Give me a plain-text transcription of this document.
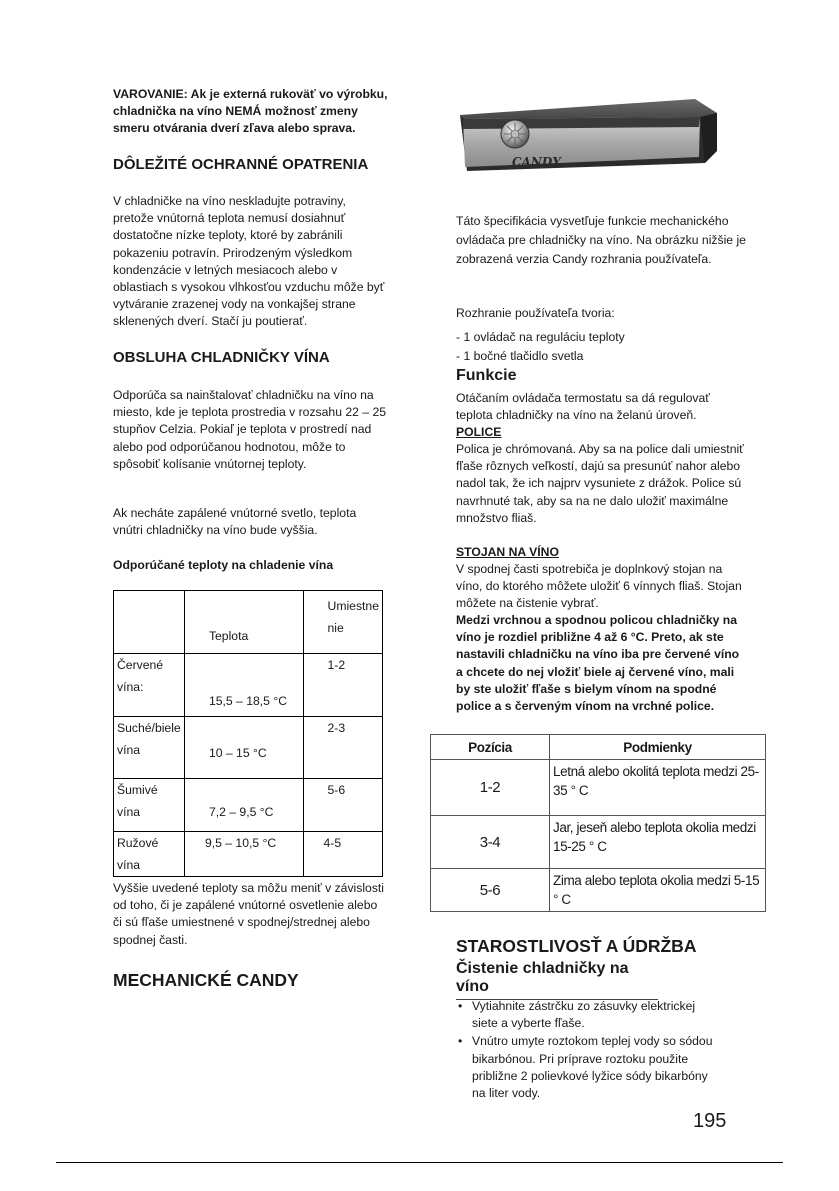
VAROVANIE: Ak je externá rukoväť vo výrobku, chladnička na víno NEMÁ možnosť zmeny smeru otvárania dverí zľava alebo sprava.

DÔLEŽITÉ OCHRANNÉ OPATRENIA

V chladničke na víno neskladujte potraviny, pretože vnútorná teplota nemusí dosiahnuť dostatočne nízke teploty, ktoré by zabránili pokazeniu potravín. Prirodzeným výsledkom kondenzácie v letných mesiacoch alebo v oblastiach s vysokou vlhkosťou vzduchu môže byť vytváranie zrazenej vody na vonkajšej strane sklenených dverí. Stačí ju poutierať.

OBSLUHA CHLADNIČKY VÍNA

Odporúča sa nainštalovať chladničku na víno na miesto, kde je teplota prostredia v rozsahu 22 – 25 stupňov Celzia. Pokiaľ je teplota v prostredí nad alebo pod odporúčanou hodnotou, môže to spôsobiť kolísanie vnútornej teploty.

Ak necháte zapálené vnútorné svetlo, teplota vnútri chladničky na víno bude vyššia.

Odporúčané teploty na chladenie vína

	Teplota	Umiestne
nie

Červené
vína:	15,5 – 18,5 °C	1-2

Suché/biele
vína	10 – 15 °C	2-3
Šumivé vína	7,2 – 9,5 °C	5-6
Ružové vína	9,5 – 10,5 °C	4-5

Vyššie uvedené teploty sa môžu meniť v závislosti od toho, či je zapálené vnútorné osvetlenie alebo či sú fľaše umiestnené v spodnej/strednej alebo spodnej časti.

MECHANICKÉ CANDY

CANDY

Táto špecifikácia vysvetľuje funkcie mechanického ovládača pre chladničky na víno. Na obrázku nižšie je zobrazená verzia Candy rozhrania používateľa.

Rozhranie používateľa tvoria:

- 1 ovládač na reguláciu teploty

- 1 bočné tlačidlo svetla

Funkcie

Otáčaním ovládača termostatu sa dá regulovať teplota chladničky na víno na želanú úroveň.

POLICE

Polica je chrómovaná. Aby sa na police dali umiestniť fľaše rôznych veľkostí, dajú sa presunúť nahor alebo nadol tak, že ich najprv vysuniete z drážok. Police sú navrhnuté tak, aby sa na ne dalo uložiť maximálne množstvo fliaš.

STOJAN NA VÍNO

V spodnej časti spotrebiča je doplnkový stojan na víno, do ktorého môžete uložiť 6 vínnych fliaš. Stojan môžete na čistenie vybrať.

Medzi vrchnou a spodnou policou chladničky na víno je rozdiel približne 4 až 6 °C. Preto, ak ste nastavili chladničku na víno iba pre červené víno a chcete do nej vložiť biele aj červené víno, mali by ste uložiť fľaše s bielym vínom na spodné police a s červeným vínom na vrchné police.

Pozícia	Podmienky
1-2	Letná alebo okolitá teplota medzi 25-35 ° C
3-4	Jar, jeseň alebo teplota okolia medzi 15-25 ° C
5-6	Zima alebo teplota okolia medzi 5-15 ° C

STAROSTLIVOSŤ A ÚDRŽBA

Čistenie chladničky na víno

• Vytiahnite zástrčku zo zásuvky elektrickej siete a vyberte fľaše.
• Vnútro umyte roztokom teplej vody so sódou bikarbónou. Pri príprave roztoku použite približne 2 polievkové lyžice sódy bikarbóny na liter vody.
195
